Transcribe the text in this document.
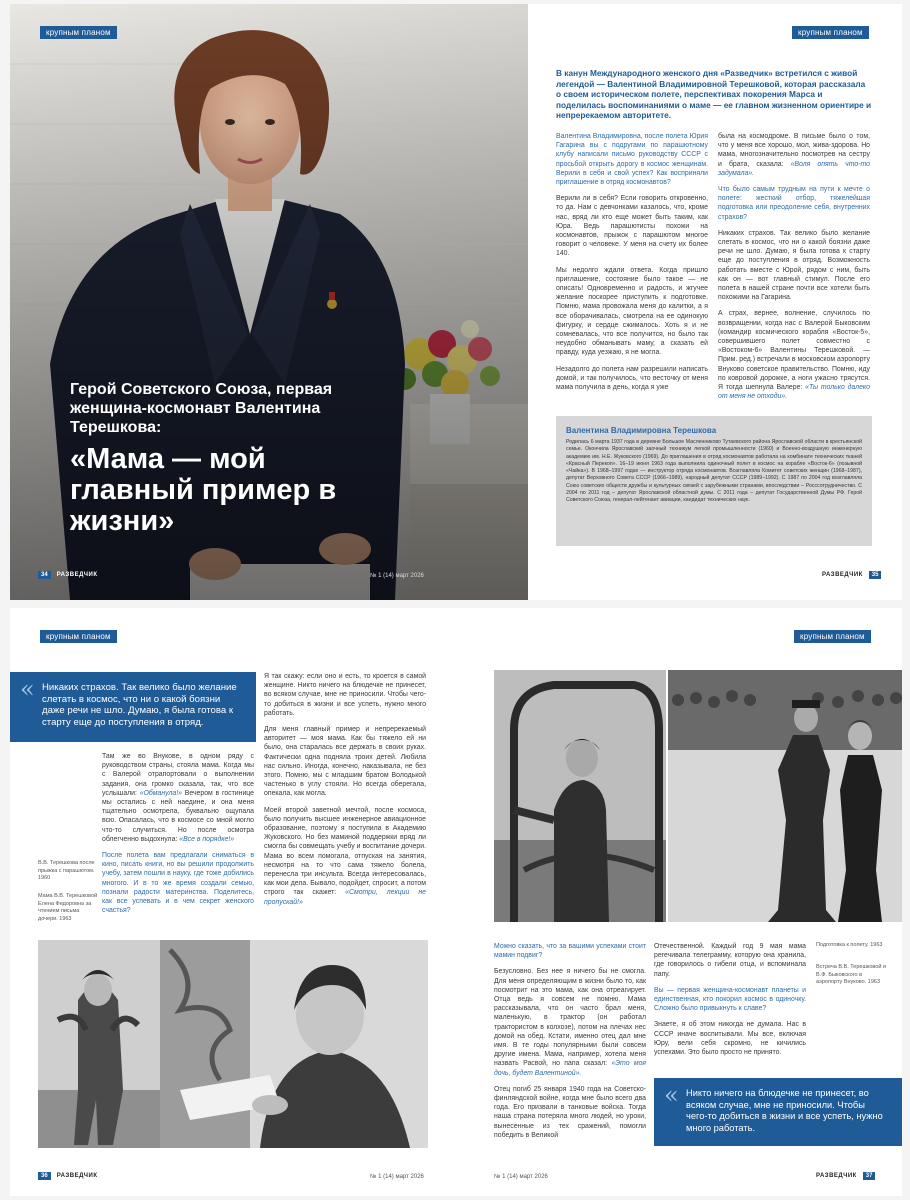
крупным планом
Герой Советского Союза, первая женщина-космонавт Валентина Терешкова:
«Мама — мой главный пример в жизни»
34	РАЗВЕДЧИК	№ 1 (14) март 2026
крупным планом
В канун Международного женского дня «Разведчик» встретился с живой легендой — Валентиной Владимировной Терешковой, которая рассказала о своем историческом полете, перспективах покорения Марса и поделилась воспоминаниями о маме — ее главном жизненном ориентире и непререкаемом авторитете.

Валентина Владимировна, после полета Юрия Гагарина вы с подругами по парашютному клубу написали письмо руководству СССР с просьбой открыть дорогу в космос женщинам. Верили в себя и свой успех? Как восприняли приглашение в отряд космонавтов?

Верили ли в себя? Если говорить откровенно, то да. Нам с девчонками казалось, что, кроме нас, вряд ли кто еще может быть таким, как Юра. Ведь парашютисты похожи на космонавтов, прыжок с парашютом многое говорит о человеке. У меня на счету их более 140.

Мы недолго ждали ответа. Когда пришло приглашение, состояние было такое — не описать! Одновременно и радость, и жгучее желание поскорее приступить к подготовке. Помню, мама провожала меня до калитки, а я все оборачивалась, смотрела на ее одинокую фигурку, и сердце сжималось. Хоть я и не сомневалась, что все получится, но было так неудобно обманывать маму, а сказать ей правду, куда уезжаю, я не могла.

Незадолго до полета нам разрешили написать домой, и так получилось, что весточку от меня мама получила в день, когда я уже

была на космодроме. В письме было о том, что у меня все хорошо, мол, жива-здорова. Но мама, многозначительно посмотрев на сестру и брата, сказала: «Воля опять что-то задумала».

Что было самым трудным на пути к мечте о полете: жесткий отбор, тяжелейшая подготовка или преодоление себя, внутренних страхов?

Никаких страхов. Так велико было желание слетать в космос, что ни о какой боязни даже речи не шло. Думаю, я была готова к старту еще до поступления в отряд. Возможность работать вместе с Юрой, рядом с ним, быть как он — вот главный стимул. После его полета в нашей стране почти все хотели быть похожими на Гагарина.

А страх, вернее, волнение, случилось по возвращении, когда нас с Валерой Быковским (командир космического корабля «Восток-5», совершившего полет совместно с «Востоком-6» Валентины Терешковой. — Прим. ред.) встречали в московском аэропорту Внуково советское правительство. Помню, иду по ковровой дорожке, а ноги ужасно трясутся. Я тогда шепнула Валере: «Ты только далеко от меня не отходи».

Валентина Владимировна Терешкова
Родилась 6 марта 1937 года в деревне Большое Масленниково Тутаевского района Ярославской области в крестьянской семье. Окончила Ярославский заочный техникум легкой промышленности (1960) и Военно-воздушную инженерную академию им. Н.Е. Жуковского (1969). До приглашения в отряд космонавтов работала на комбинате технических тканей «Красный Перекоп». 16–19 июня 1963 года выполнила одиночный полет в космос на корабле «Восток-6» (позывной «Чайка»). В 1968–1997 годах — инструктор отряда космонавтов. Возглавляла Комитет советских женщин (1968–1987), депутат Верховного Совета СССР (1966–1989), народный депутат СССР (1989–1992). С 1987 по 2004 год возглавляла Союз советских обществ дружбы и культурных связей с зарубежными странами, впоследствии – Росссотрудничество. С 2004 по 2011 год – депутат Ярославской областной думы. С 2011 года – депутат Государственной Думы РФ. Герой Советского Союза, генерал-лейтенант авиации, кандидат технических наук.
РАЗВЕДЧИК	35
крупным планом
« Никаких страхов. Так велико было желание слетать в космос, что ни о какой боязни даже речи не шло. Думаю, я была готова к старту еще до поступления в отряд.
В.В. Терешкова после прыжка с парашютом. 1960
Мама В.В. Терешковой Елена Федоровна за чтением письма дочери. 1963

Там же во Внукове, в одном ряду с руководством страны, стояла мама. Когда мы с Валерой отрапортовали о выполнении задания, она громко сказала, так, что все услышали: «Обманула!» Вечером в гостинице мы остались с ней наедине, и она меня тщательно осмотрела, буквально ощупала всю. Опасалась, что в космосе со мной могло что-то случиться. Но после осмотра облегченно выдохнула: «Все в порядке!»

После полета вам предлагали сниматься в кино, писать книги, но вы решили продолжить учебу, затем пошли в науку, где тоже добились многого. И в то же время создали семью, познали радости материнства. Поделитесь, как все успевать и в чем секрет женского счастья?

Я так скажу: если оно и есть, то кроется в самой женщине. Никто ничего на блюдечке не принесет, во всяком случае, мне не приносили. Чтобы чего-то добиться в жизни и все успеть, нужно много работать.

Для меня главный пример и непререкаемый авторитет — моя мама. Как бы тяжело ей ни было, она старалась все держать в своих руках. Фактически одна подняла троих детей. Любила нас сильно. Иногда, конечно, наказывала, не без этого. Помню, мы с младшим братом Володькой частенько в углу стояли. Но всегда оберегала, опекала, как могла.

Моей второй заветной мечтой, после космоса, было получить высшее инженерное авиационное образование, поэтому я поступила в Академию Жуковского. Но без маминой поддержки вряд ли смогла бы совмещать учебу и воспитание дочери. Мама во всем помогала, отпуская на занятия, несмотря на то что сама тяжело болела, перенесла три инсульта. Всегда интересовалась, как мои дела. Бывало, подойдет, спросит, а потом строго так скажет: «Смотри, лекции не пропускай!»

36	РАЗВЕДЧИК	№ 1 (14) март 2026
крупным планом

Можно сказать, что за вашими успехами стоит мамин подвиг?

Безусловно. Без нее я ничего бы не смогла. Для меня определяющим в жизни было то, как посмотрит на это мама, как она отреагирует. Отца ведь я совсем не помню. Мама рассказывала, что он часто брал меня, маленькую, в трактор (он работал трактористом в колхозе), потом на плечах нес домой на обед. Кстати, именно отец дал мне имя. В те годы популярными были совсем другие имена. Мама, например, хотела меня назвать Расвой, но папа сказал: «Это моя дочь, будет Валентиной».

Отец погиб 25 января 1940 года на Советско-финляндской войне, когда мне было всего два года. Его призвали в танковые войска. Тогда наша страна потеряла много людей, но уроки, вынесенные из тех сражений, помогли победить в Великой

Отечественной. Каждый год 9 мая мама регечивала телеграмму, которую она хранила, где говорилось о гибели отца, и вспоминала папу.

Вы — первая женщина-космонавт планеты и единственная, кто покорил космос в одиночку. Сложно было привыкнуть к славе?

Знаете, я об этом никогда не думала. Нас в СССР иначе воспитывали. Мы все, включая Юру, вели себя скромно, не кичились успехами. Это было просто не принято.

Подготовка к полету. 1963
Встреча В.В. Терешковой и В.Ф. Быковского в аэропорту Внуково. 1963
« Никто ничего на блюдечке не принесет, во всяком случае, мне не приносили. Чтобы чего-то добиться в жизни и все успеть, нужно много работать.
№ 1 (14) март 2026	РАЗВЕДЧИК	37
